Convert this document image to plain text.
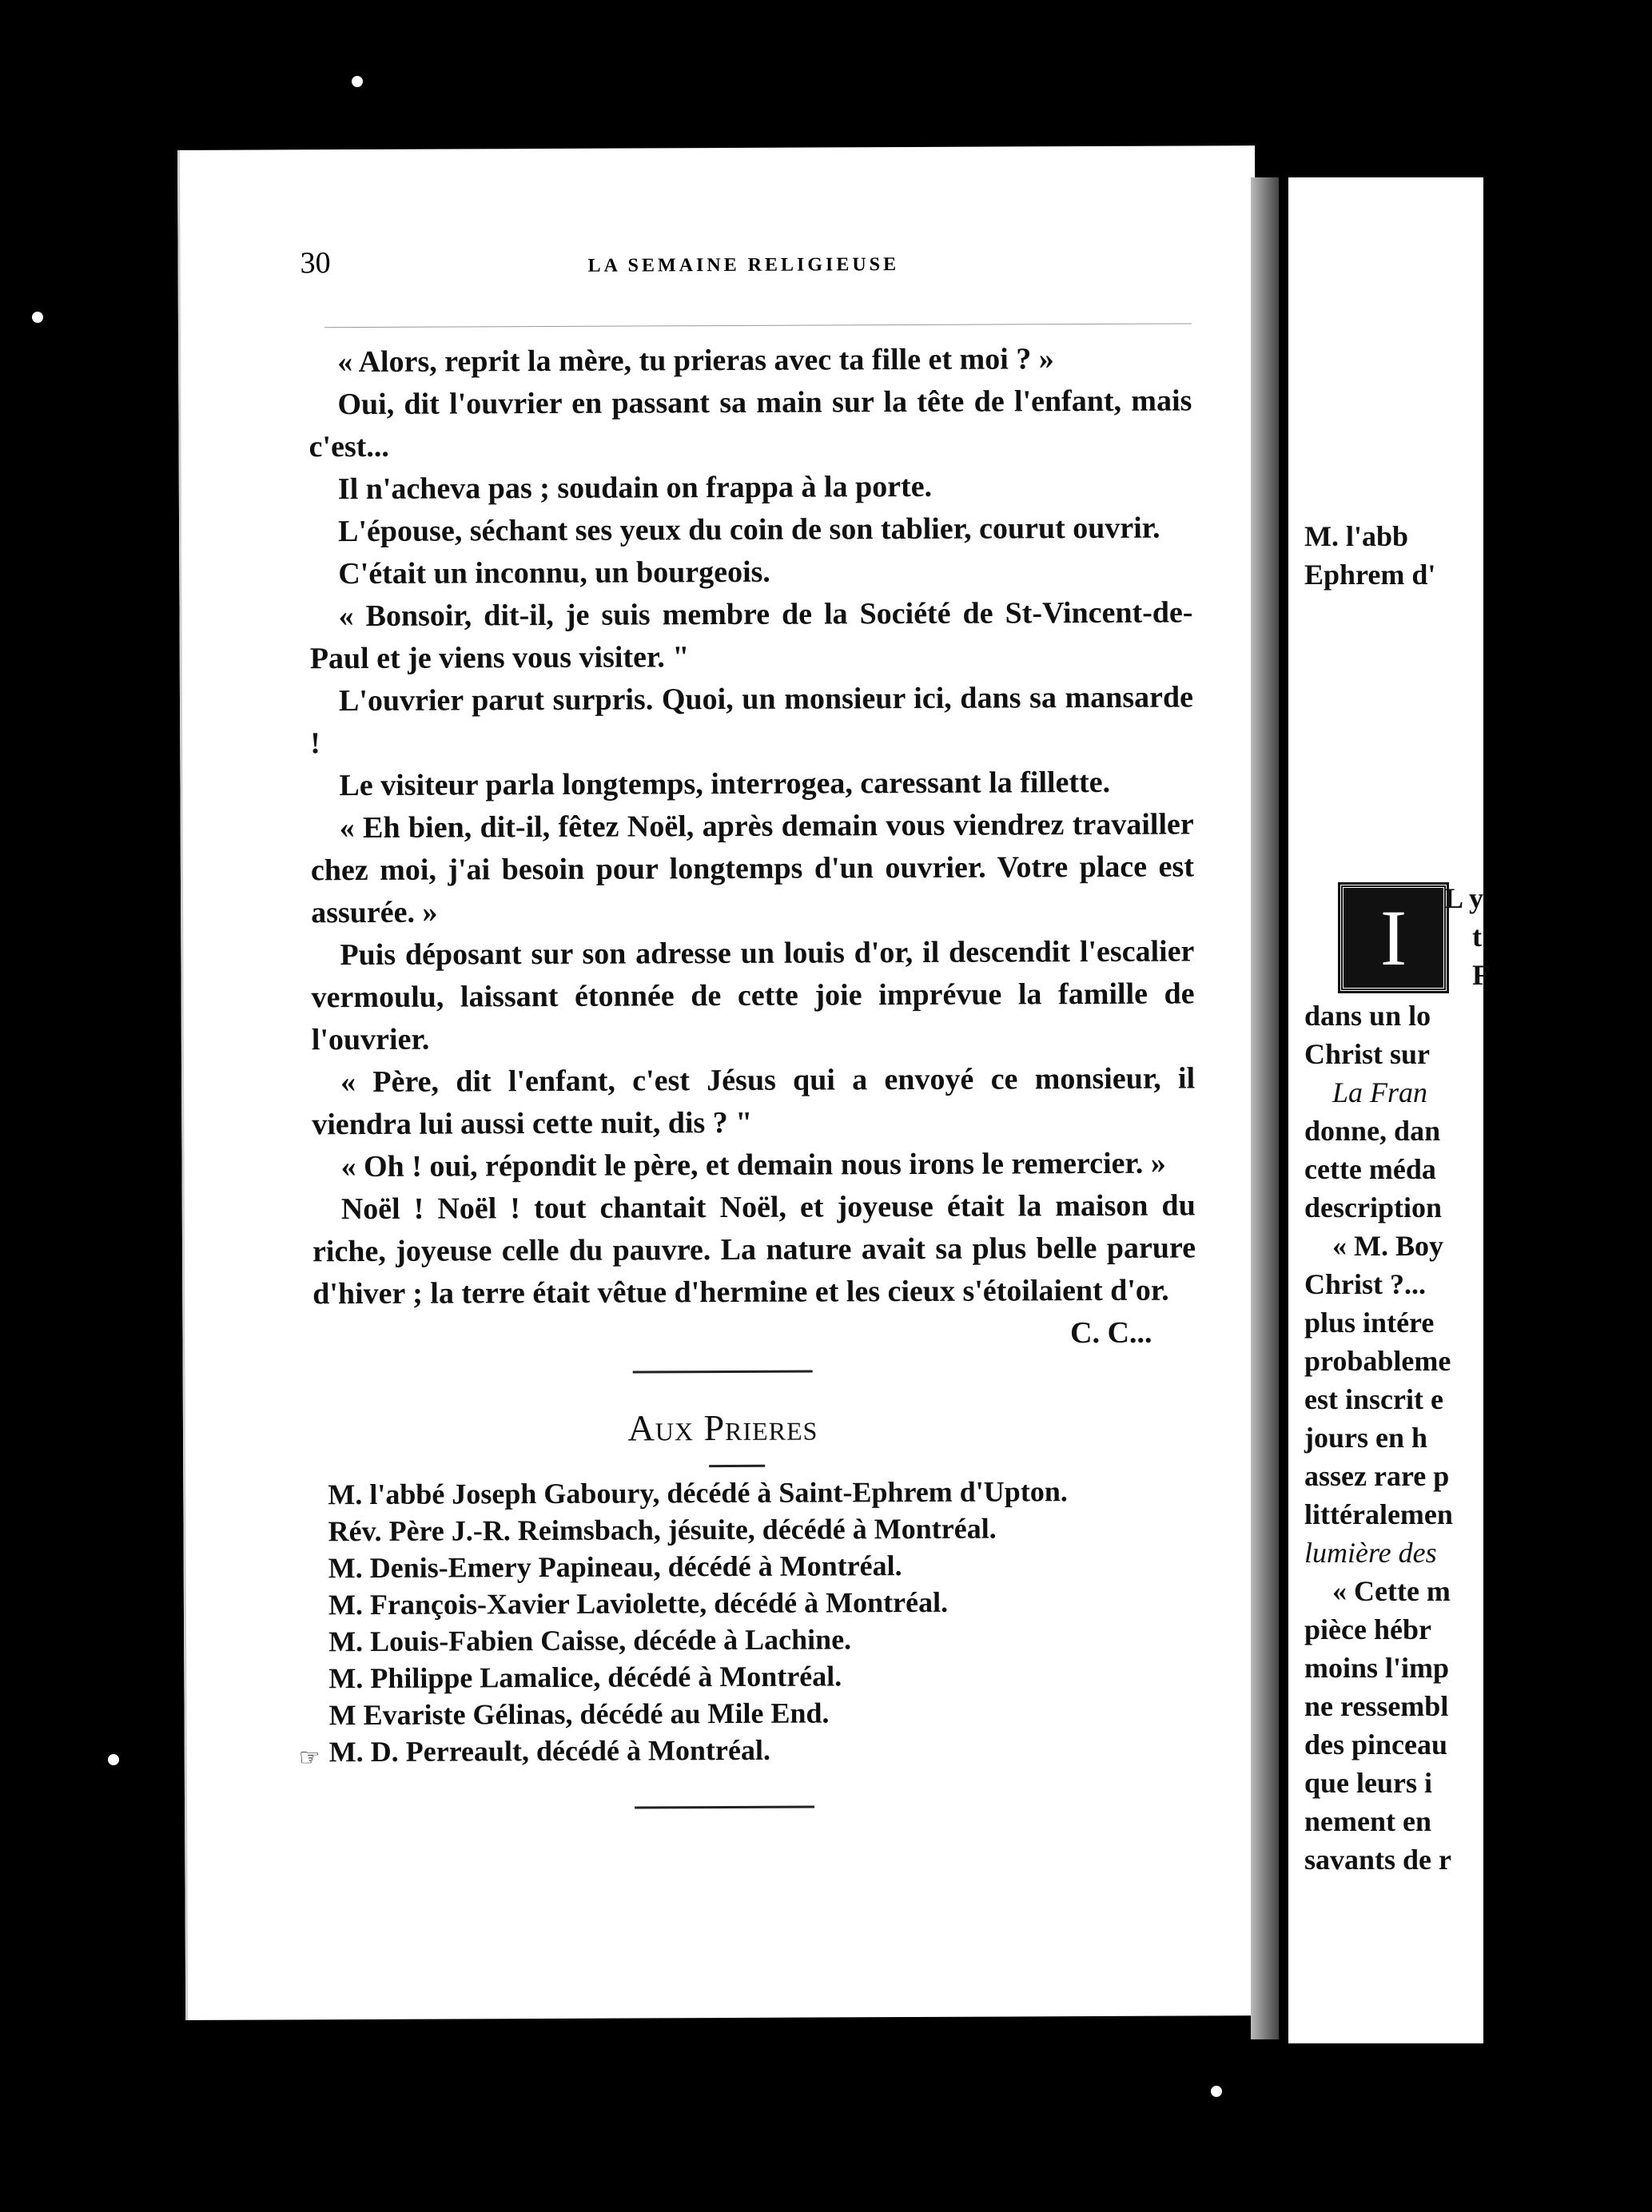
30	LA SEMAINE RELIGIEUSE

« Alors, reprit la mère, tu prieras avec ta fille et moi ? »

Oui, dit l'ouvrier en passant sa main sur la tête de l'enfant, mais c'est...

Il n'acheva pas ; soudain on frappa à la porte.

L'épouse, séchant ses yeux du coin de son tablier, courut ouvrir.

C'était un inconnu, un bourgeois.

« Bonsoir, dit-il, je suis membre de la Société de St-Vincent-de-Paul et je viens vous visiter. "

L'ouvrier parut surpris. Quoi, un monsieur ici, dans sa mansarde !

Le visiteur parla longtemps, interrogea, caressant la fillette.

« Eh bien, dit-il, fêtez Noël, après demain vous viendrez travailler chez moi, j'ai besoin pour longtemps d'un ouvrier. Votre place est assurée. »

Puis déposant sur son adresse un louis d'or, il descendit l'escalier vermoulu, laissant étonnée de cette joie imprévue la famille de l'ouvrier.

« Père, dit l'enfant, c'est Jésus qui a envoyé ce monsieur, il viendra lui aussi cette nuit, dis ? "

« Oh ! oui, répondit le père, et demain nous irons le remercier. »

Noël ! Noël ! tout chantait Noël, et joyeuse était la maison du riche, joyeuse celle du pauvre. La nature avait sa plus belle parure d'hiver ; la terre était vêtue d'hermine et les cieux s'étoilaient d'or.

C. C...
Aux Prieres
M. l'abbé Joseph Gaboury, décédé à Saint-Ephrem d'Upton.
Rév. Père J.-R. Reimsbach, jésuite, décédé à Montréal.
M. Denis-Emery Papineau, décédé à Montréal.
M. François-Xavier Laviolette, décédé à Montréal.
M. Louis-Fabien Caisse, décéde à Lachine.
M. Philippe Lamalice, décédé à Montréal.
M Evariste Gélinas, décédé au Mile End.
M. D. Perreault, décédé à Montréal.
☞
M. l'abb
Ephrem d'
I	L y
t
F
dans un lo
Christ sur
La Fran
donne, dan
cette méda
description
« M. Boy
Christ ?...
plus intére
probableme
est inscrit e
jours en h
assez rare p
littéralemen
lumière des
« Cette m
pièce hébr
moins l'imp
ne ressembl
des pinceau
que leurs i
nement en
savants de r
